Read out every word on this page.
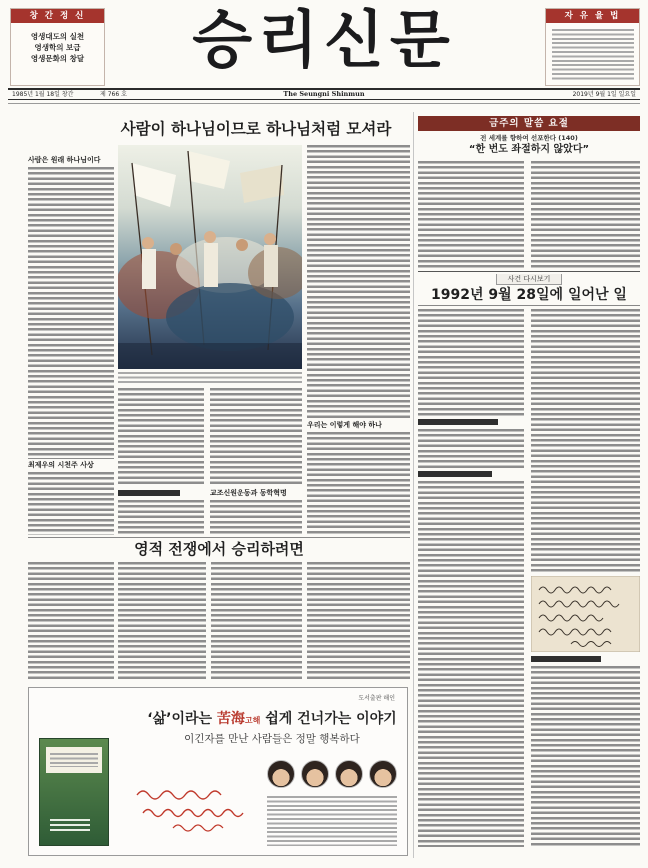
창 간 정 신
영생대도의 실천
영생학의 보급
영생문화의 창달	승리신문	자 유 율 법
1985년 1월 18일 창간	제 766 호	The Seungni Shinmun	2019년 9월 1일 일요일
사람이 하나님이므로 하나님처럼 모셔라
사람은 원래 하나님이다
최제우의 시천주 사상
교조신원운동과 동학혁명
우리는 이렇게 해야 하나
영적 전쟁에서 승리하려면
도서출판 해인
‘삶’이라는 苦海고해 쉽게 건너가는 이야기
이긴자를 만난 사람들은 정말 행복하다
금주의 말씀 요절
전 세계를 향하여 선포한다 (140)
“한 번도 좌절하지 않았다”
사건 다시보기
1992년 9월 28일에 일어난 일
